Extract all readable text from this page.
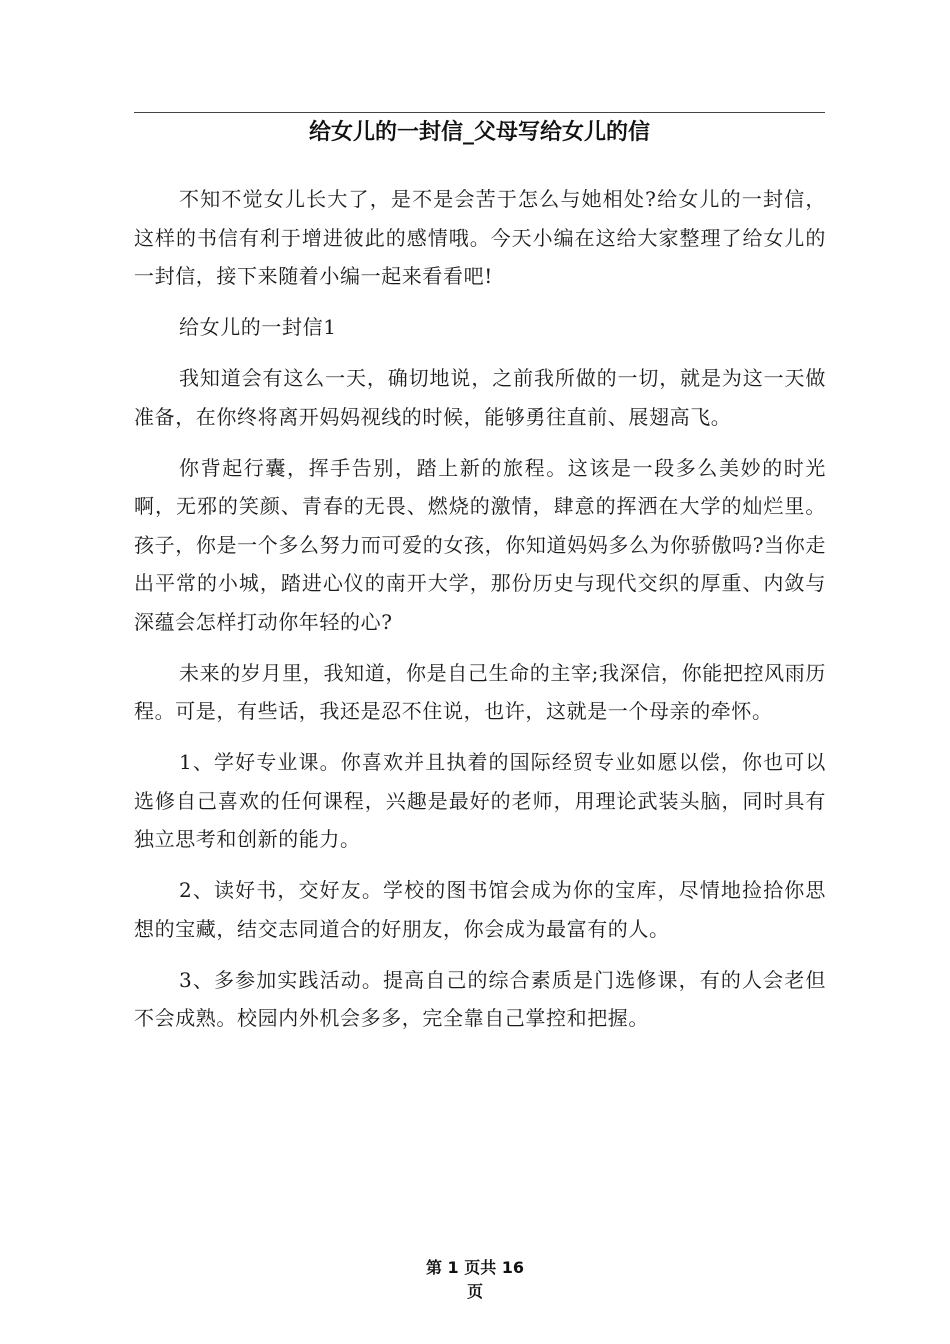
给女儿的一封信_父母写给女儿的信

不知不觉女儿长大了，是不是会苦于怎么与她相处?给女儿的一封信，这样的书信有利于增进彼此的感情哦。今天小编在这给大家整理了给女儿的一封信，接下来随着小编一起来看看吧!

给女儿的一封信1

我知道会有这么一天，确切地说，之前我所做的一切，就是为这一天做准备，在你终将离开妈妈视线的时候，能够勇往直前、展翅高飞。

你背起行囊，挥手告别，踏上新的旅程。这该是一段多么美妙的时光啊，无邪的笑颜、青春的无畏、燃烧的激情，肆意的挥洒在大学的灿烂里。孩子，你是一个多么努力而可爱的女孩，你知道妈妈多么为你骄傲吗?当你走出平常的小城，踏进心仪的南开大学，那份历史与现代交织的厚重、内敛与深蕴会怎样打动你年轻的心?

未来的岁月里，我知道，你是自己生命的主宰;我深信，你能把控风雨历程。可是，有些话，我还是忍不住说，也许，这就是一个母亲的牵怀。

1、学好专业课。你喜欢并且执着的国际经贸专业如愿以偿，你也可以选修自己喜欢的任何课程，兴趣是最好的老师，用理论武装头脑，同时具有独立思考和创新的能力。

2、读好书，交好友。学校的图书馆会成为你的宝库，尽情地捡拾你思想的宝藏，结交志同道合的好朋友，你会成为最富有的人。

3、多参加实践活动。提高自己的综合素质是门选修课，有的人会老但不会成熟。校园内外机会多多，完全靠自己掌控和把握。

第 1 页共 16
页
